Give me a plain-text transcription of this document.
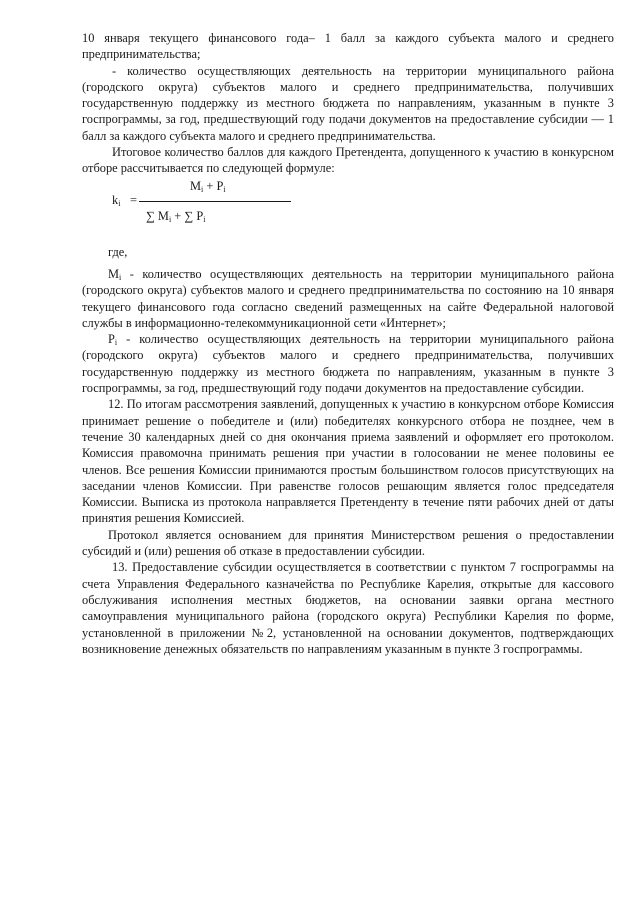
10 января текущего финансового года– 1 балл за каждого субъекта малого и среднего предпринимательства;

- количество осуществляющих деятельность на территории муниципального района (городского округа) субъектов малого и среднего предпринимательства, получивших государственную поддержку из местного бюджета по направлениям, указанным в пункте 3 госпрограммы, за год, предшествующий году подачи документов на предоставление субсидии — 1 балл за каждого субъекта малого и среднего предпринимательства.

Итоговое количество баллов для каждого Претендента, допущенного к участию в конкурсном отборе рассчитывается по следующей формуле:

$k_i$ =
$M_i + P_i$
∑ $M_i$ + ∑ $P_i$

где,

$M_i$ - количество осуществляющих деятельность на территории муниципального района (городского округа) субъектов малого и среднего предпринимательства по состоянию на 10 января текущего финансового года согласно сведений размещенных на сайте Федеральной налоговой службы в информационно-телекоммуникационной сети «Интернет»;

$P_i$ - количество осуществляющих деятельность на территории муниципального района (городского округа) субъектов малого и среднего предпринимательства, получивших государственную поддержку из местного бюджета по направлениям, указанным в пункте 3 госпрограммы, за год, предшествующий году подачи документов на предоставление субсидии.

12. По итогам рассмотрения заявлений, допущенных к участию в конкурсном отборе Комиссия принимает решение о победителе и (или) победителях конкурсного отбора не позднее, чем в течение 30 календарных дней со дня окончания приема заявлений и оформляет его протоколом. Комиссия правомочна принимать решения при участии в голосовании не менее половины ее членов. Все решения Комиссии принимаются простым большинством голосов присутствующих на заседании членов Комиссии. При равенстве голосов решающим является голос председателя Комиссии. Выписка из протокола направляется Претенденту в течение пяти рабочих дней от даты принятия решения Комиссией.

Протокол является основанием для принятия Министерством решения о предоставлении субсидий и (или) решения об отказе в предоставлении субсидии.

13. Предоставление субсидии осуществляется в соответствии с пунктом 7 госпрограммы на счета Управления Федерального казначейства по Республике Карелия, открытые для кассового обслуживания исполнения местных бюджетов, на основании заявки органа местного самоуправления муниципального района (городского округа) Республики Карелия по форме, установленной в приложении №2, установленной на основании документов, подтверждающих возникновение денежных обязательств по направлениям указанным в пункте 3 госпрограммы.
